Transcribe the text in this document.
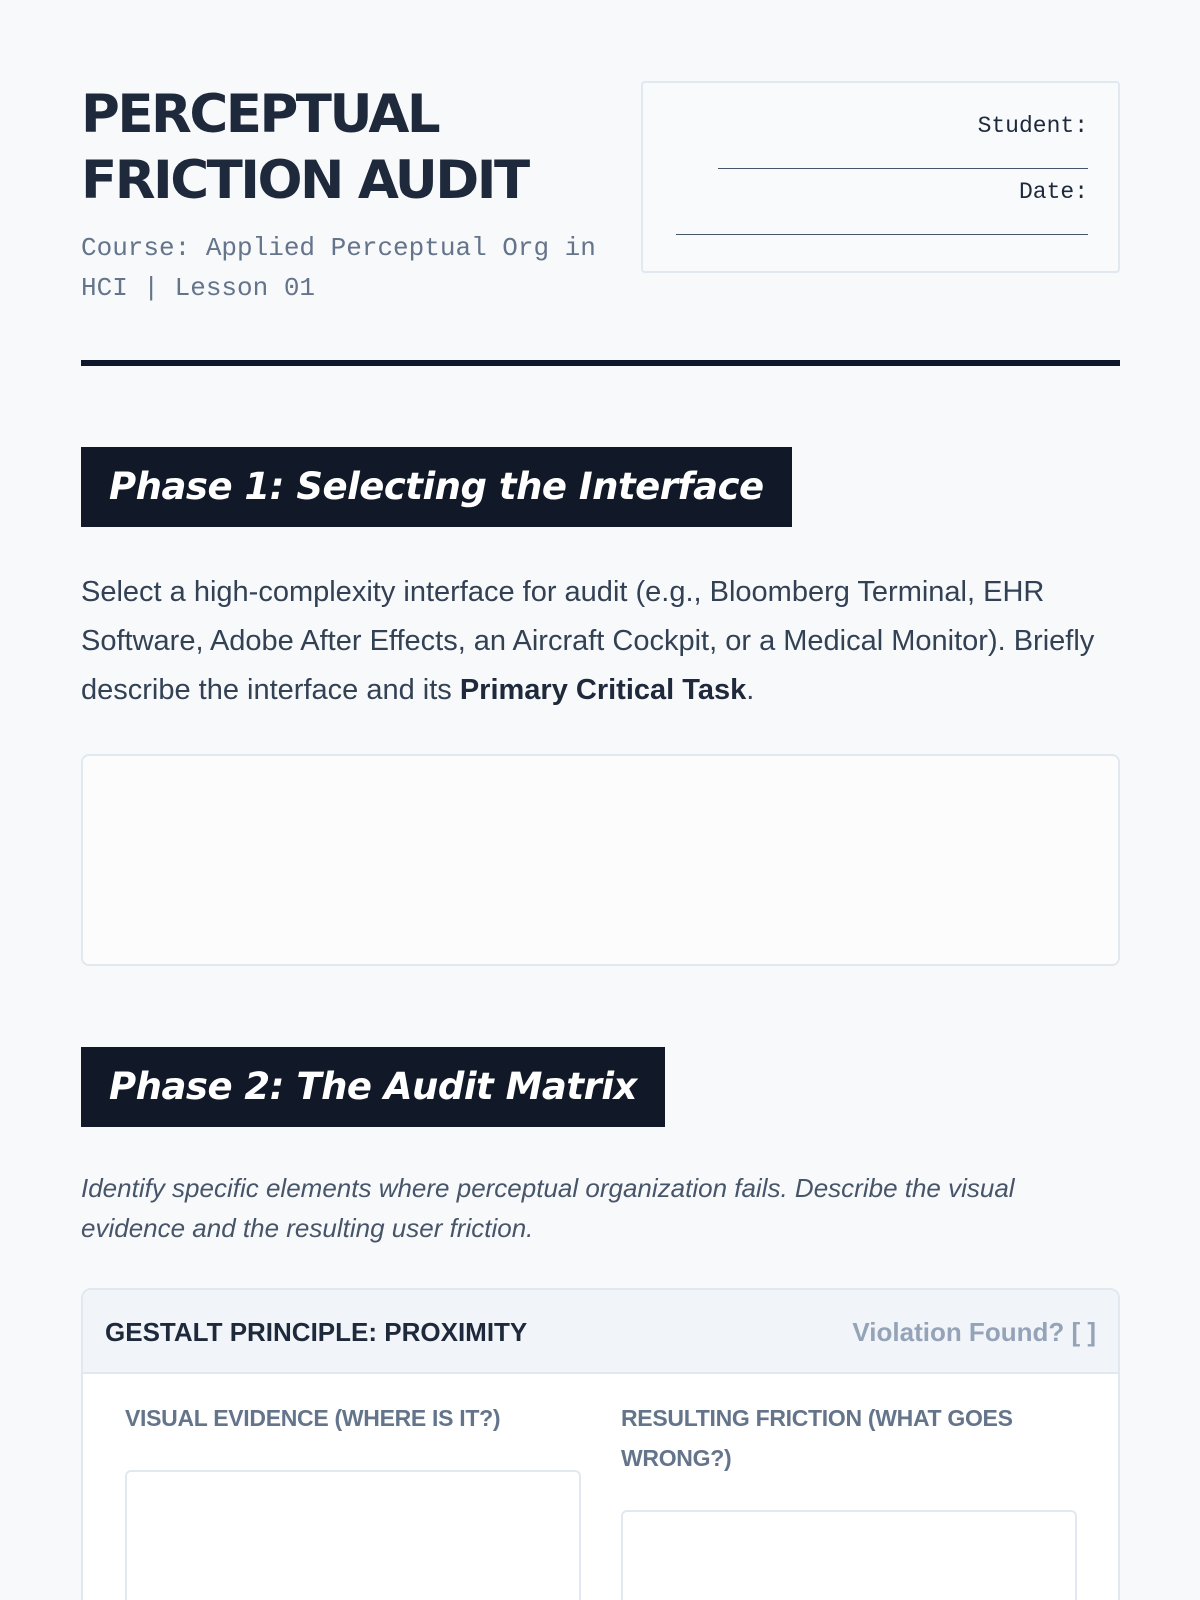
PERCEPTUAL
FRICTION AUDIT
Course: Applied Perceptual Org in HCI | Lesson 01
Student:
Date:
Phase 1: Selecting the Interface
Select a high-complexity interface for audit (e.g., Bloomberg Terminal, EHR Software, Adobe After Effects, an Aircraft Cockpit, or a Medical Monitor). Briefly describe the interface and its Primary Critical Task.
Phase 2: The Audit Matrix
Identify specific elements where perceptual organization fails. Describe the visual evidence and the resulting user friction.
GESTALT PRINCIPLE: PROXIMITY	Violation Found? [ ]
VISUAL EVIDENCE (WHERE IS IT?)	RESULTING FRICTION (WHAT GOES WRONG?)
